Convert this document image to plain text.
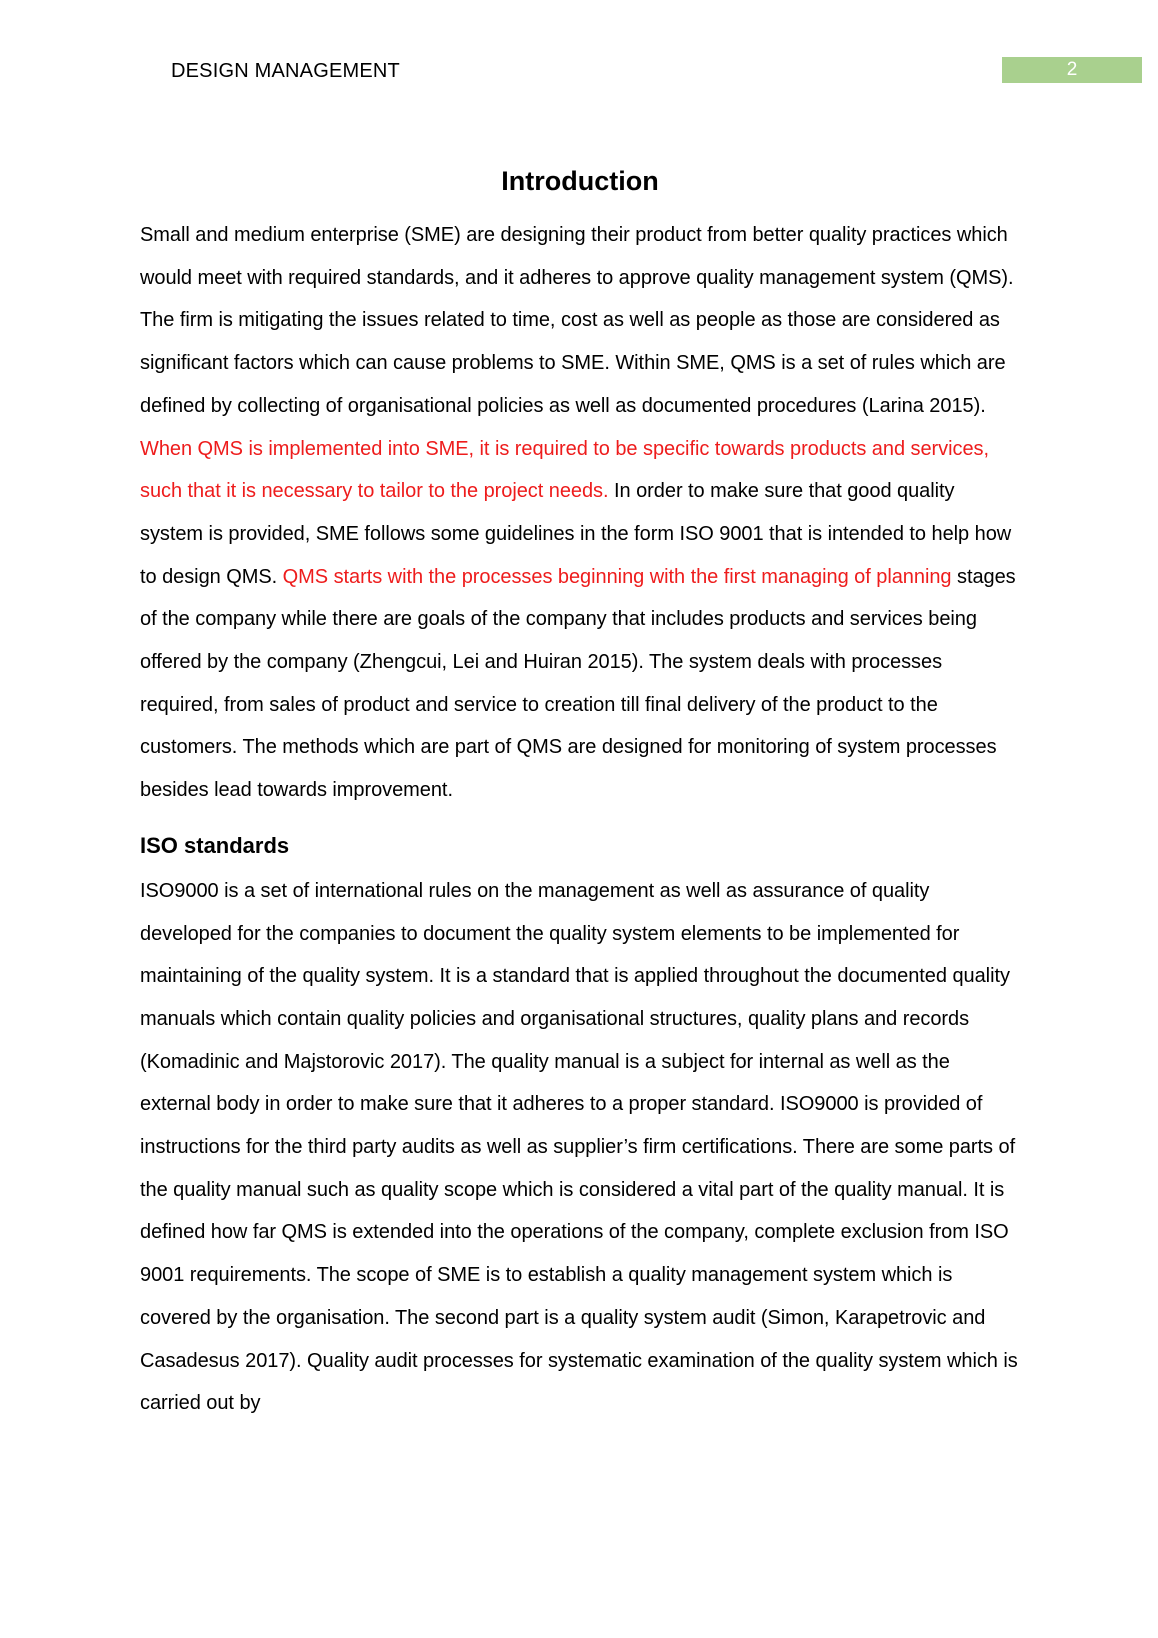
DESIGN MANAGEMENT	2
Introduction

Small and medium enterprise (SME) are designing their product from better quality practices which would meet with required standards, and it adheres to approve quality management system (QMS). The firm is mitigating the issues related to time, cost as well as people as those are considered as significant factors which can cause problems to SME. Within SME, QMS is a set of rules which are defined by collecting of organisational policies as well as documented procedures (Larina 2015). When QMS is implemented into SME, it is required to be specific towards products and services, such that it is necessary to tailor to the project needs. In order to make sure that good quality system is provided, SME follows some guidelines in the form ISO 9001 that is intended to help how to design QMS. QMS starts with the processes beginning with the first managing of planning stages of the company while there are goals of the company that includes products and services being offered by the company (Zhengcui, Lei and Huiran 2015). The system deals with processes required, from sales of product and service to creation till final delivery of the product to the customers. The methods which are part of QMS are designed for monitoring of system processes besides lead towards improvement.

ISO standards

ISO9000 is a set of international rules on the management as well as assurance of quality developed for the companies to document the quality system elements to be implemented for maintaining of the quality system. It is a standard that is applied throughout the documented quality manuals which contain quality policies and organisational structures, quality plans and records (Komadinic and Majstorovic 2017). The quality manual is a subject for internal as well as the external body in order to make sure that it adheres to a proper standard. ISO9000 is provided of instructions for the third party audits as well as supplier’s firm certifications. There are some parts of the quality manual such as quality scope which is considered a vital part of the quality manual. It is defined how far QMS is extended into the operations of the company, complete exclusion from ISO 9001 requirements. The scope of SME is to establish a quality management system which is covered by the organisation. The second part is a quality system audit (Simon, Karapetrovic and Casadesus 2017). Quality audit processes for systematic examination of the quality system which is carried out by
